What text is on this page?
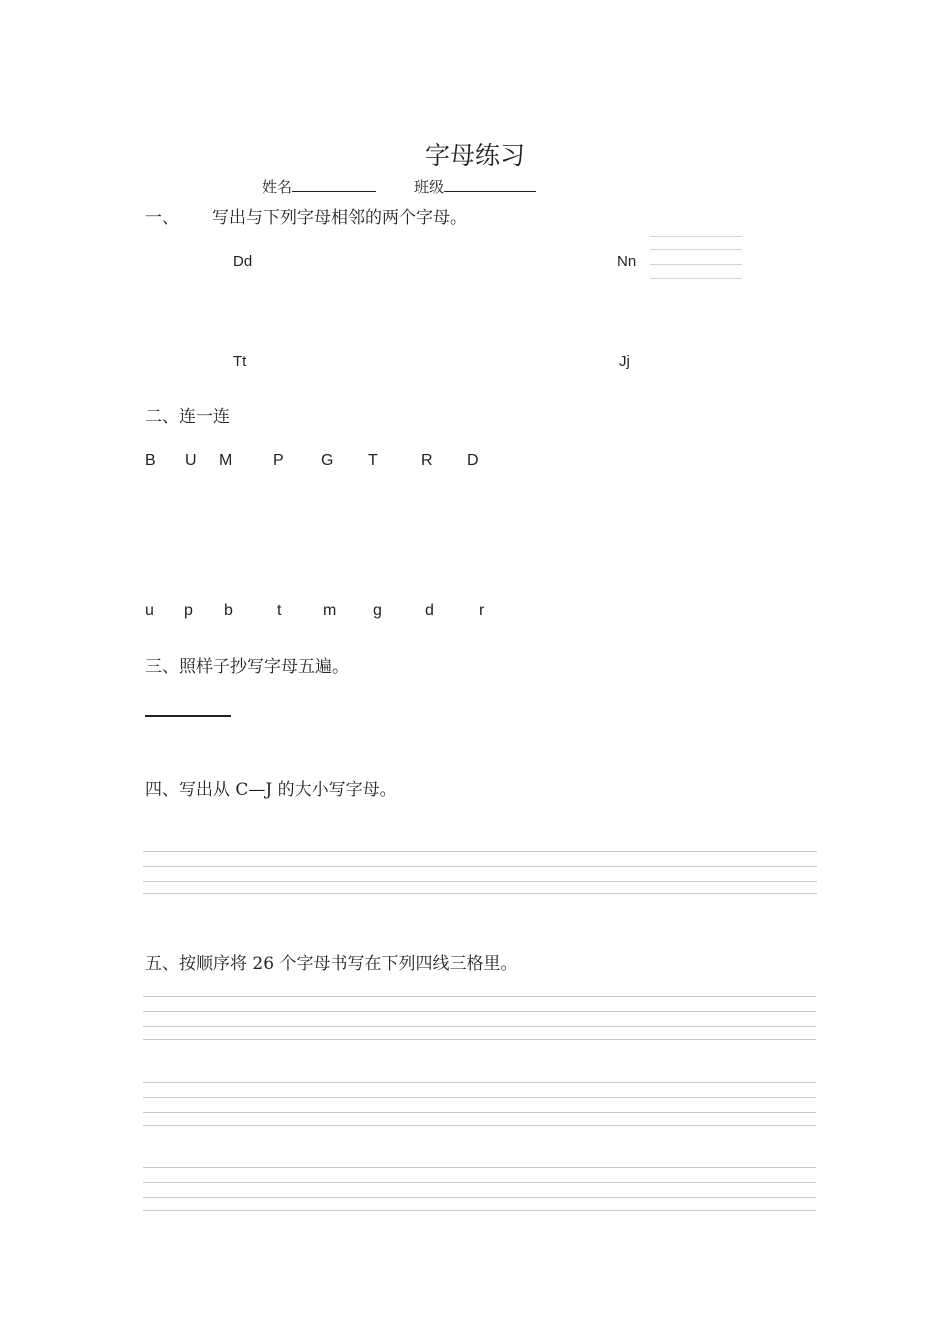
字母练习
姓名	班级
一、 写出与下列字母相邻的两个字母。
Dd	Nn
Tt	Jj
二、连一连
B U M	P G T	R D
u p b	t	m g	d	r
三、照样子抄写字母五遍。
四、写出从 C—J 的大小写字母。
五、按顺序将 26 个字母书写在下列四线三格里。
